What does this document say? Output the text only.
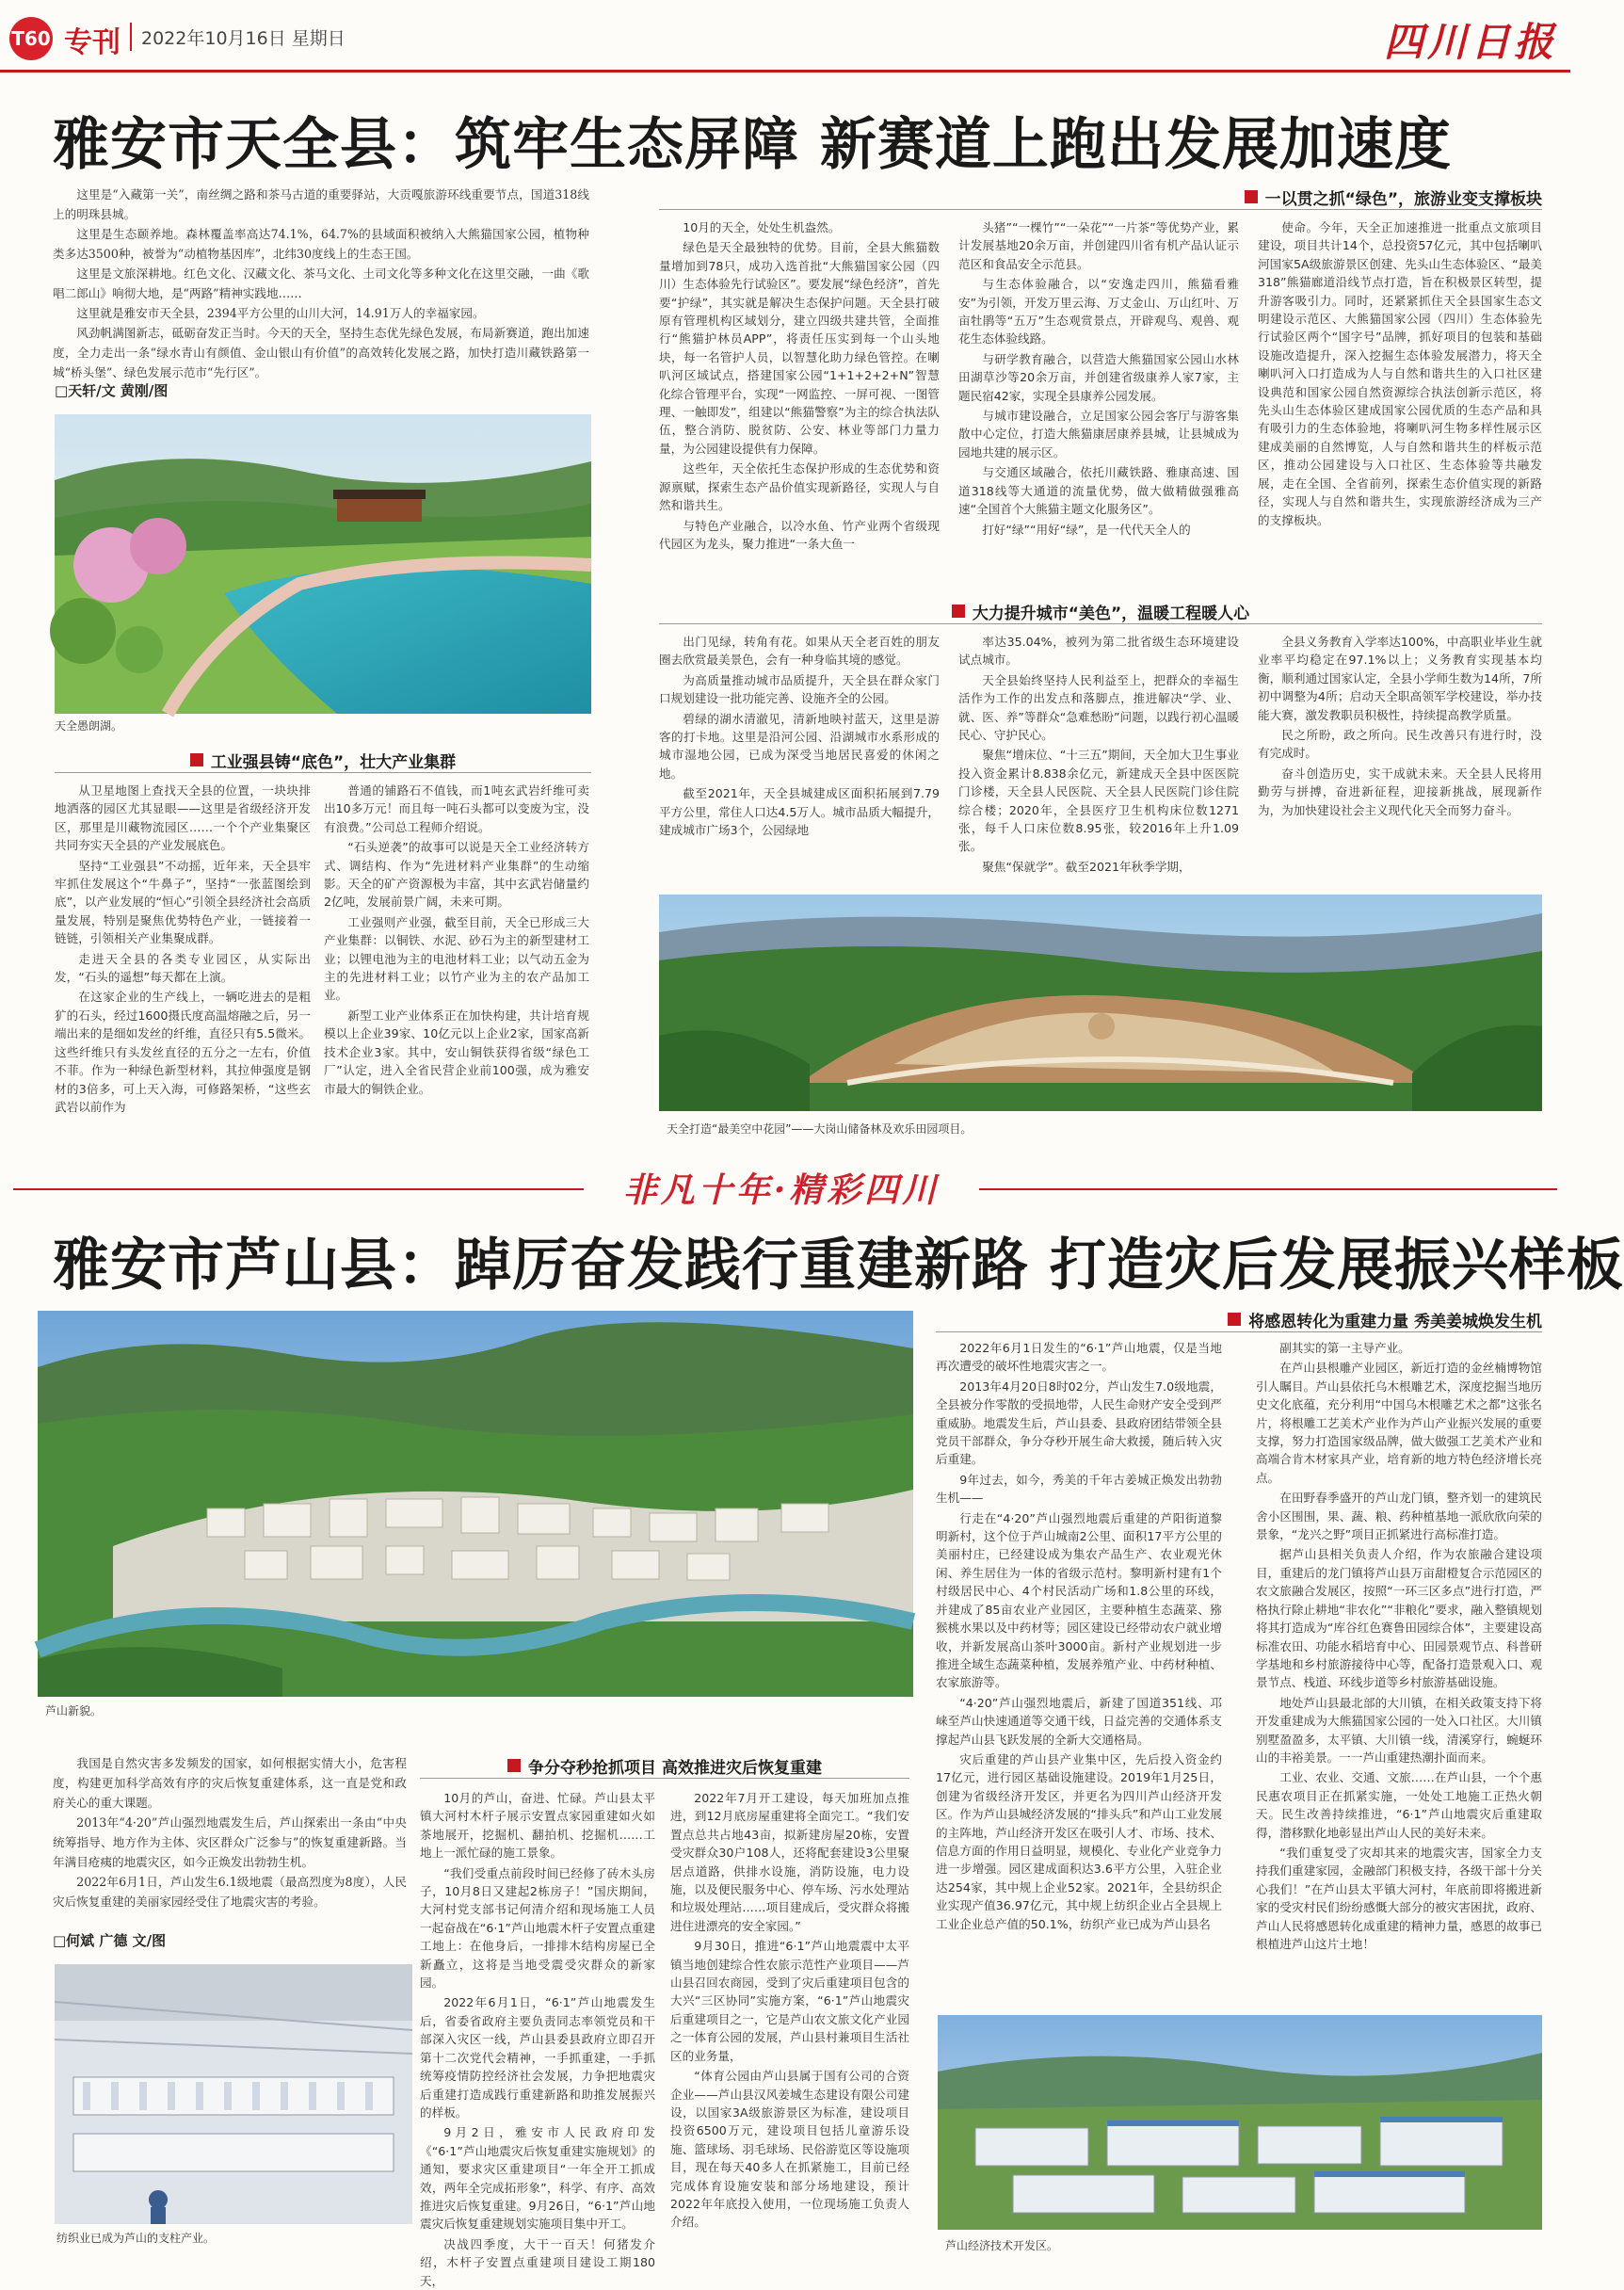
T60 专刊 2022年10月16日 星期日	四川日报
雅安市天全县：筑牢生态屏障 新赛道上跑出发展加速度

这里是“入藏第一关”，南丝绸之路和茶马古道的重要驿站，大贡嘎旅游环线重要节点，国道318线上的明珠县城。

这里是生态颐养地。森林覆盖率高达74.1%，64.7%的县域面积被纳入大熊猫国家公园，植物种类多达3500种，被誉为“动植物基因库”，北纬30度线上的生态王国。

这里是文旅深耕地。红色文化、汉藏文化、茶马文化、土司文化等多种文化在这里交融，一曲《歌唱二郎山》响彻大地，是“两路”精神实践地……

这里就是雅安市天全县，2394平方公里的山川大河，14.91万人的幸福家园。

风劲帆满图新志，砥砺奋发正当时。今天的天全，坚持生态优先绿色发展，布局新赛道，跑出加速度，全力走出一条“绿水青山有颜值、金山银山有价值”的高效转化发展之路，加快打造川藏铁路第一城“桥头堡”、绿色发展示范市“先行区”。

□天轩/文 黄刚/图
天全愚朗湖。
工业强县铸“底色”，壮大产业集群

从卫星地图上查找天全县的位置，一块块排地洒落的园区尤其显眼——这里是省级经济开发区，那里是川藏物流园区……一个个产业集聚区共同夯实天全县的产业发展底色。

坚持“工业强县”不动摇，近年来，天全县牢牢抓住发展这个“牛鼻子”，坚持“一张蓝图绘到底”，以产业发展的“恒心”引领全县经济社会高质量发展，特别是聚焦优势特色产业，一链接着一链链，引领相关产业集聚成群。

走进天全县的各类专业园区，从实际出发，“石头的遥想”每天都在上演。

在这家企业的生产线上，一辆吃进去的是粗犷的石头，经过1600摄氏度高温熔融之后，另一端出来的是细如发丝的纤维，直径只有5.5微米。这些纤维只有头发丝直径的五分之一左右，价值不菲。作为一种绿色新型材料，其拉伸强度是钢材的3倍多，可上天入海，可修路架桥，“这些玄武岩以前作为

普通的铺路石不值钱，而1吨玄武岩纤维可卖出10多万元！而且每一吨石头都可以变废为宝，没有浪费。”公司总工程师介绍说。

“石头逆袭”的故事可以说是天全工业经济转方式、调结构、作为“先进材料产业集群”的生动缩影。天全的矿产资源极为丰富，其中玄武岩储量约2亿吨，发展前景广阔，未来可期。

工业强则产业强，截至目前，天全已形成三大产业集群：以铜铁、水泥、砂石为主的新型建材工业；以锂电池为主的电池材料工业；以气动五金为主的先进材料工业；以竹产业为主的农产品加工业。

新型工业产业体系正在加快构建，共计培育规模以上企业39家、10亿元以上企业2家，国家高新技术企业3家。其中，安山铜铁获得省级“绿色工厂”认定，进入全省民营企业前100强，成为雅安市最大的铜铁企业。

一以贯之抓“绿色”，旅游业变支撑板块

10月的天全，处处生机盎然。

绿色是天全最独特的优势。目前，全县大熊猫数量增加到78只，成功入选首批“大熊猫国家公园（四川）生态体验先行试验区”。要发展“绿色经济”，首先要“护绿”，其实就是解决生态保护问题。天全县打破原有管理机构区域划分，建立四级共建共管，全面推行“熊猫护林员APP”，将责任压实到每一个山头地块，每一名管护人员，以智慧化助力绿色管控。在喇叭河区域试点，搭建国家公园“1+1+2+2+N”智慧化综合管理平台，实现“一网监控、一屏可视、一图管理、一触即发”，组建以“熊猫警察”为主的综合执法队伍，整合消防、脱贫防、公安、林业等部门力量力量，为公园建设提供有力保障。

这些年，天全依托生态保护形成的生态优势和资源禀赋，探索生态产品价值实现新路径，实现人与自然和谐共生。

与特色产业融合，以冷水鱼、竹产业两个省级现代园区为龙头，聚力推进“一条大鱼一

头猪”“一棵竹”“一朵花”“一片茶”等优势产业，累计发展基地20余万亩，并创建四川省有机产品认证示范区和食品安全示范县。

与生态体验融合，以“安逸走四川，熊猫看雅安”为引领，开发万里云海、万丈金山、万山红叶、万亩牡鹃等“五万”生态观赏景点，开辟观鸟、观兽、观花生态体验线路。

与研学教育融合，以营造大熊猫国家公园山水林田湖草沙等20余万亩，并创建省级康养人家7家，主题民宿42家，实现全县康养公园发展。

与城市建设融合，立足国家公园会客厅与游客集散中心定位，打造大熊猫康居康养县城，让县城成为园地共建的展示区。

与交通区域融合，依托川藏铁路、雅康高速、国道318线等大通道的流量优势，做大做精做强雅高速“全国首个大熊猫主题文化服务区”。

打好“绿”“用好“绿”，是一代代天全人的

使命。今年，天全正加速推进一批重点文旅项目建设，项目共计14个，总投资57亿元，其中包括喇叭河国家5A级旅游景区创建、先头山生态体验区、“最美318”熊猫廊道沿线节点打造，旨在积极景区转型，提升游客吸引力。同时，还紧紧抓住天全县国家生态文明建设示范区、大熊猫国家公园（四川）生态体验先行试验区两个“国字号”品牌，抓好项目的包装和基础设施改造提升，深入挖掘生态体验发展潜力，将天全喇叭河入口打造成为人与自然和谐共生的入口社区建设典范和国家公园自然资源综合执法创新示范区，将先头山生态体验区建成国家公园优质的生态产品和具有吸引力的生态体验地，将喇叭河生物多样性展示区建成美丽的自然博览，人与自然和谐共生的样板示范区，推动公园建设与入口社区、生态体验等共融发展，走在全国、全省前列，探索生态价值实现的新路径，实现人与自然和谐共生，实现旅游经济成为三产的支撑板块。

大力提升城市“美色”，温暖工程暖人心

出门见绿，转角有花。如果从天全老百姓的朋友圈去欣赏最美景色，会有一种身临其境的感觉。

为高质量推动城市品质提升，天全县在群众家门口规划建设一批功能完善、设施齐全的公园。

碧绿的湖水清澈见，清新地映衬蓝天，这里是游客的打卡地。这里是沿河公园、沿湖城市水系形成的城市湿地公园，已成为深受当地居民喜爱的休闲之地。

截至2021年，天全县城建成区面积拓展到7.79平方公里，常住人口达4.5万人。城市品质大幅提升，建成城市广场3个，公园绿地

率达35.04%，被列为第二批省级生态环境建设试点城市。

天全县始终坚持人民利益至上，把群众的幸福生活作为工作的出发点和落脚点，推进解决“学、业、就、医、养”等群众“急难愁盼”问题，以践行初心温暖民心、守护民心。

聚焦“增床位、“十三五”期间，天全加大卫生事业投入资金累计8.838余亿元，新建成天全县中医医院门诊楼，天全县人民医院、天全县人民医院门诊住院综合楼；2020年，全县医疗卫生机构床位数1271张，每千人口床位数8.95张，较2016年上升1.09张。

聚焦“保就学”。截至2021年秋季学期，

全县义务教育入学率达100%，中高职业毕业生就业率平均稳定在97.1%以上；义务教育实现基本均衡，顺利通过国家认定，全县小学师生数为14所，7所初中调整为4所；启动天全职高领军学校建设，举办技能大赛，激发教职员积极性，持续提高教学质量。

民之所盼，政之所向。民生改善只有进行时，没有完成时。

奋斗创造历史，实干成就未来。天全县人民将用勤劳与拼搏，奋进新征程，迎接新挑战，展现新作为，为加快建设社会主义现代化天全而努力奋斗。

天全打造“最美空中花园”——大岗山储备林及欢乐田园项目。
非凡十年·精彩四川
雅安市芦山县：踔厉奋发践行重建新路 打造灾后发展振兴样板
芦山新貌。

我国是自然灾害多发频发的国家，如何根据实情大小，危害程度，构建更加科学高效有序的灾后恢复重建体系，这一直是党和政府关心的重大课题。

2013年“4·20”芦山强烈地震发生后，芦山探索出一条由“中央统筹指导、地方作为主体、灾区群众广泛参与”的恢复重建新路。当年满目疮痍的地震灾区，如今正焕发出勃勃生机。

2022年6月1日，芦山发生6.1级地震（最高烈度为8度），人民灾后恢复重建的美丽家园经受住了地震灾害的考验。

□何斌 广德 文/图
纺织业已成为芦山的支柱产业。
争分夺秒抢抓项目 高效推进灾后恢复重建

10月的芦山，奋进、忙碌。芦山县太平镇大河村木杆子展示安置点家园重建如火如茶地展开，挖掘机、翻拍机、挖掘机……工地上一派忙碌的施工景象。

“我们受重点前段时间已经修了砖木头房子，10月8日又建起2栋房子！”国庆期间，大河村党支部书记何清介绍和现场施工人员一起奋战在“6·1”芦山地震木杆子安置点重建工地上：在他身后，一排排木结构房屋已全新矗立，这将是当地受震受灾群众的新家园。

2022年6月1日，“6·1”芦山地震发生后，省委省政府主要负责同志率领党员和干部深入灾区一线，芦山县委县政府立即召开第十二次党代会精神，一手抓重建，一手抓统筹疫情防控经济社会发展，力争把地震灾后重建打造成践行重建新路和助推发展振兴的样板。

9月2日，雅安市人民政府印发《“6·1”芦山地震灾后恢复重建实施规划》的通知，要求灾区重建项目“一年全开工抓成效，两年全完成拓形象”，科学、有序、高效推进灾后恢复重建。9月26日，“6·1”芦山地震灾后恢复重建规划实施项目集中开工。

决战四季度，大干一百天！何猪发介绍，木杆子安置点重建项目建设工期180天，

2022年7月开工建设，每天加班加点推进，到12月底房屋重建将全面完工。“我们安置点总共占地43亩，拟新建房屋20栋，安置受灾群众30户108人，还将配套建设3公里聚居点道路，供排水设施，消防设施，电力设施，以及便民服务中心、停车场、污水处理站和垃圾处理站……项目建成后，受灾群众将搬进住进漂亮的安全家园。”

9月30日，推进“6·1”芦山地震震中太平镇当地创建综合性农旅示范性产业项目——芦山县召回农商园，受到了灾后重建项目包含的大兴“三区协同”实施方案，“6·1”芦山地震灾后重建项目之一，它是芦山农文旅文化产业园之一体育公园的发展，芦山县村兼项目生活社区的业务量，

“体育公园由芦山县属于国有公司的合资企业——芦山县汉风姜城生态建设有限公司建设，以国家3A级旅游景区为标准，建设项目投资6500万元，建设项目包括儿童游乐设施、篮球场、羽毛球场、民俗游览区等设施项目，现在每天40多人在抓紧施工，目前已经完成体育设施安装和部分场地建设，预计2022年年底投入使用，一位现场施工负责人介绍。

将感恩转化为重建力量 秀美姜城焕发生机

2022年6月1日发生的“6·1”芦山地震，仅是当地再次遭受的破坏性地震灾害之一。

2013年4月20日8时02分，芦山发生7.0级地震，全县被分作零散的受损地带，人民生命财产安全受到严重威胁。地震发生后，芦山县委、县政府团结带领全县党员干部群众，争分夺秒开展生命大救援，随后转入灾后重建。

9年过去，如今，秀美的千年古姜城正焕发出勃勃生机——

行走在“4·20”芦山强烈地震后重建的芦阳街道黎明新村，这个位于芦山城南2公里、面积17平方公里的美丽村庄，已经建设成为集农产品生产、农业观光休闲、养生居住为一体的省级示范村。黎明新村建有1个村级居民中心、4个村民活动广场和1.8公里的环线，并建成了85亩农业产业园区，主要种植生态蔬菜、猕猴桃水果以及中药材等；园区建设已经带动农户就业增收，并新发展高山茶叶3000亩。新村产业规划进一步推进全域生态蔬菜种植，发展养殖产业、中药材种植、农家旅游等。

“4·20”芦山强烈地震后，新建了国道351线、邛崃至芦山快速通道等交通干线，日益完善的交通体系支撑起芦山县飞跃发展的全新大交通格局。

灾后重建的芦山县产业集中区，先后投入资金约17亿元，进行园区基础设施建设。2019年1月25日，创建为省级经济开发区，并更名为四川芦山经济开发区。作为芦山县城经济发展的“排头兵”和芦山工业发展的主阵地，芦山经济开发区在吸引人才、市场、技术、信息方面的作用日益明显，规模化、专业化产业竞争力进一步增强。园区建成面积达3.6平方公里，入驻企业达254家，其中规上企业52家。2021年，全县纺织企业实现产值36.97亿元，其中规上纺织企业占全县规上工业企业总产值的50.1%，纺织产业已成为芦山县名

副其实的第一主导产业。

在芦山县根雕产业园区，新近打造的金丝楠博物馆引人瞩目。芦山县依托乌木根雕艺术，深度挖掘当地历史文化底蕴，充分利用“中国乌木根雕艺术之都”这张名片，将根雕工艺美术产业作为芦山产业振兴发展的重要支撑，努力打造国家级品牌，做大做强工艺美术产业和高端合肯木材家具产业，培育新的地方特色经济增长亮点。

在田野春季盛开的芦山龙门镇，整齐划一的建筑民舍小区围围，果、蔬、粮、药种植基地一派欣欣向荣的景象，“龙兴之野”项目正抓紧进行高标准打造。

据芦山县相关负责人介绍，作为农旅融合建设项目，重建后的龙门镇将芦山县万亩甜橙复合示范园区的农文旅融合发展区，按照“一环三区多点”进行打造，严格执行除止耕地“非农化”“非粮化”要求，融入整镇规划将其打造成为“库谷红色赛鲁田园综合体”，主要建设高标准农田、功能水稻培育中心、田园景观节点、科普研学基地和乡村旅游接待中心等，配备打造景观入口、观景节点、栈道、环线步道等乡村旅游基础设施。

地处芦山县最北部的大川镇，在相关政策支持下将开发重建成为大熊猫国家公园的一处入口社区。大川镇别墅盈盈多，太平镇、大川镇一线，清溪穿行，蜿蜒环山的丰裕美景。一一芦山重建热潮扑面而来。

工业、农业、交通、文旅……在芦山县，一个个惠民惠农项目正在抓紧实施，一处处工地施工正热火朝天。民生改善持续推进，“6·1”芦山地震灾后重建取得，潜移默化地彰显出芦山人民的美好未来。

“我们重复受了灾却其来的地震灾害，国家全力支持我们重建家园，金融部门积极支持，各级干部十分关心我们！”在芦山县太平镇大河村，年底前即将搬进新家的受灾村民们纷纷感慨大部分的被灾害困扰，政府、芦山人民将感恩转化成重建的精神力量，感恩的故事已根植进芦山这片土地！

芦山经济技术开发区。
